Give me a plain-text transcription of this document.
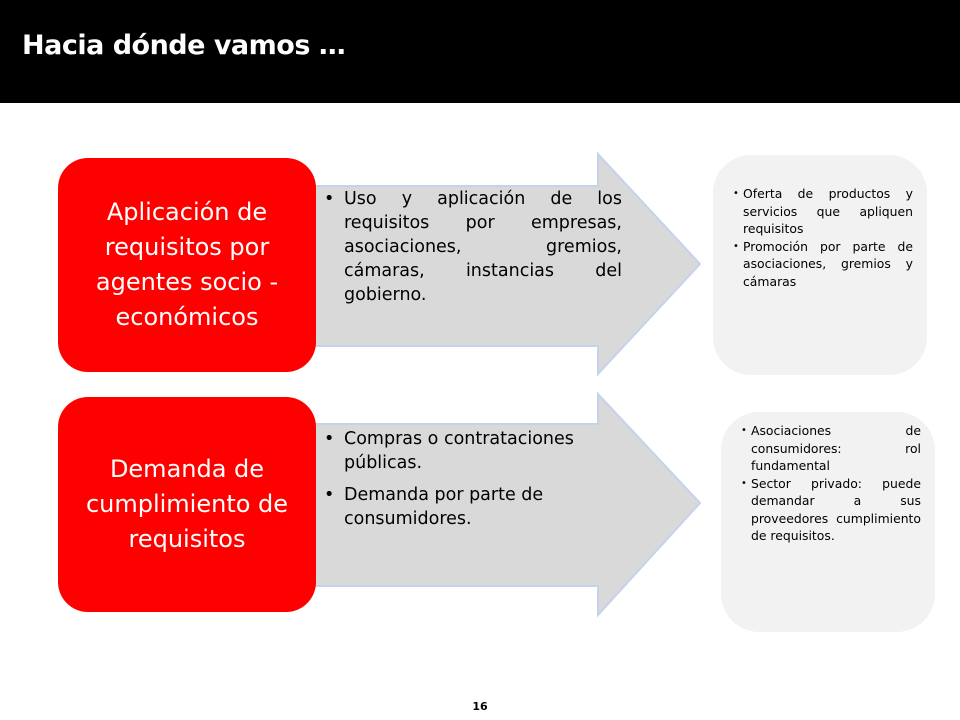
Hacia dónde vamos …
Aplicación de requisitos por agentes socio - económicos
• Uso y aplicación de los requisitos por empresas, asociaciones, gremios, cámaras, instancias del gobierno.
• Oferta de productos y servicios que apliquen requisitos
• Promoción por parte de asociaciones, gremios y cámaras
Demanda de cumplimiento de requisitos
• Compras o contrataciones públicas.
• Demanda por parte de consumidores.
• Asociaciones de consumidores: rol fundamental
• Sector privado: puede demandar a sus proveedores cumplimiento de requisitos.
16
